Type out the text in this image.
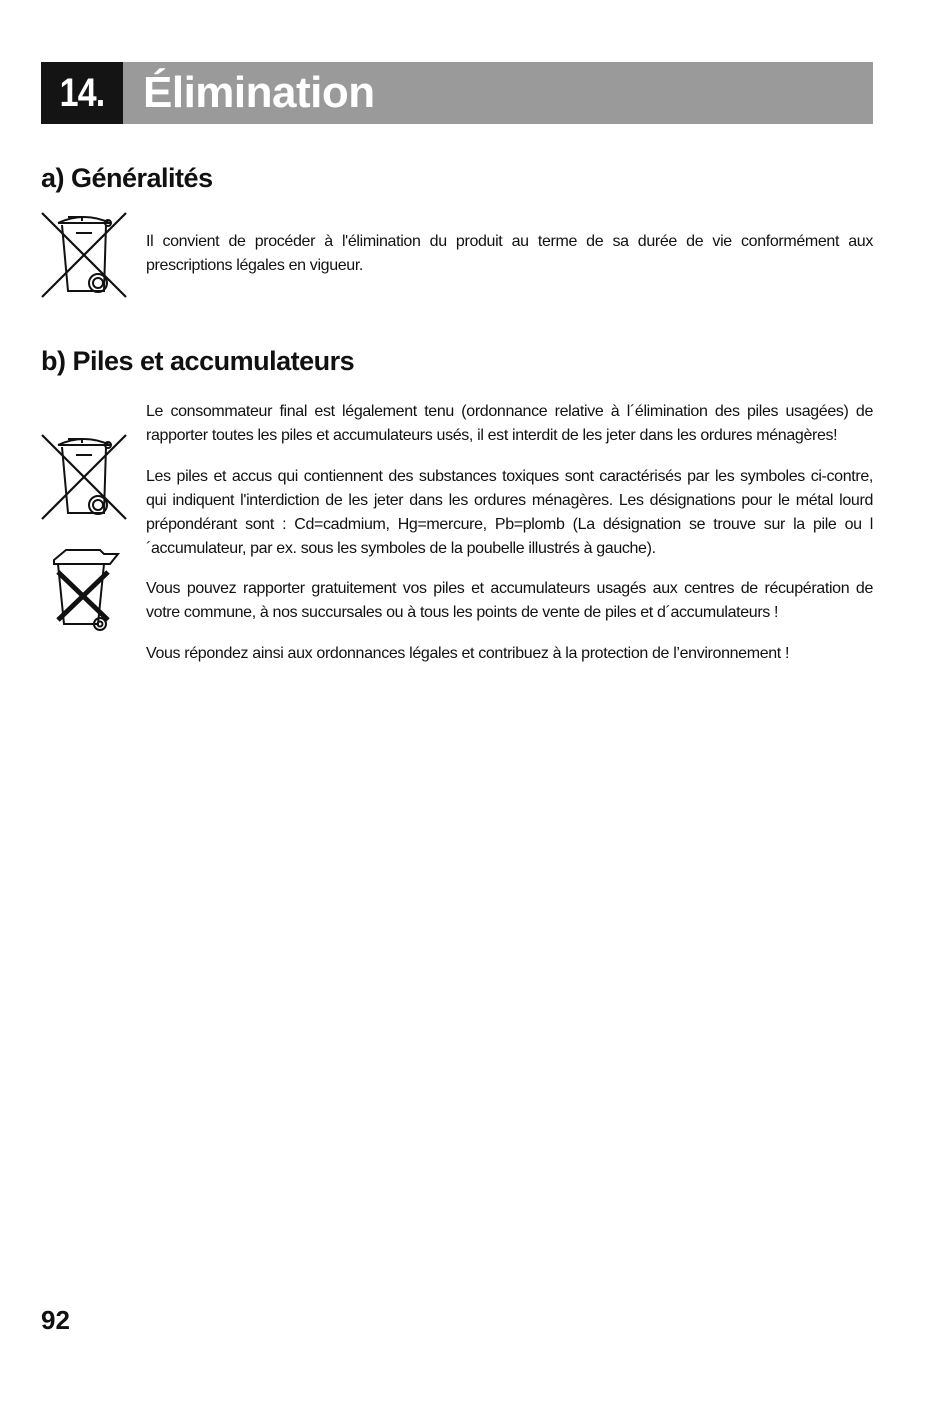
14. Élimination
a) Généralités

Il convient de procéder à l'élimination du produit au terme de sa durée de vie conformément aux prescriptions légales en vigueur.

b) Piles et accumulateurs

Le consommateur final est légalement tenu (ordonnance relative à l´élimination des piles usagées) de rapporter toutes les piles et accumulateurs usés, il est interdit de les jeter dans les ordures ménagères!

Les piles et accus qui contiennent des substances toxiques sont caractérisés par les symboles ci-contre, qui indiquent l'interdiction de les jeter dans les ordures ménagères. Les désignations pour le métal lourd prépondérant sont : Cd=cadmium, Hg=mercure, Pb=plomb (La désignation se trouve sur la pile ou l´accumulateur, par ex. sous les symboles de la poubelle illustrés à gauche).

Vous pouvez rapporter gratuitement vos piles et accumulateurs usagés aux centres de récupération de votre commune, à nos succursales ou à tous les points de vente de piles et d´accumulateurs !

Vous répondez ainsi aux ordonnances légales et contribuez à la protection de l’environnement !

92
